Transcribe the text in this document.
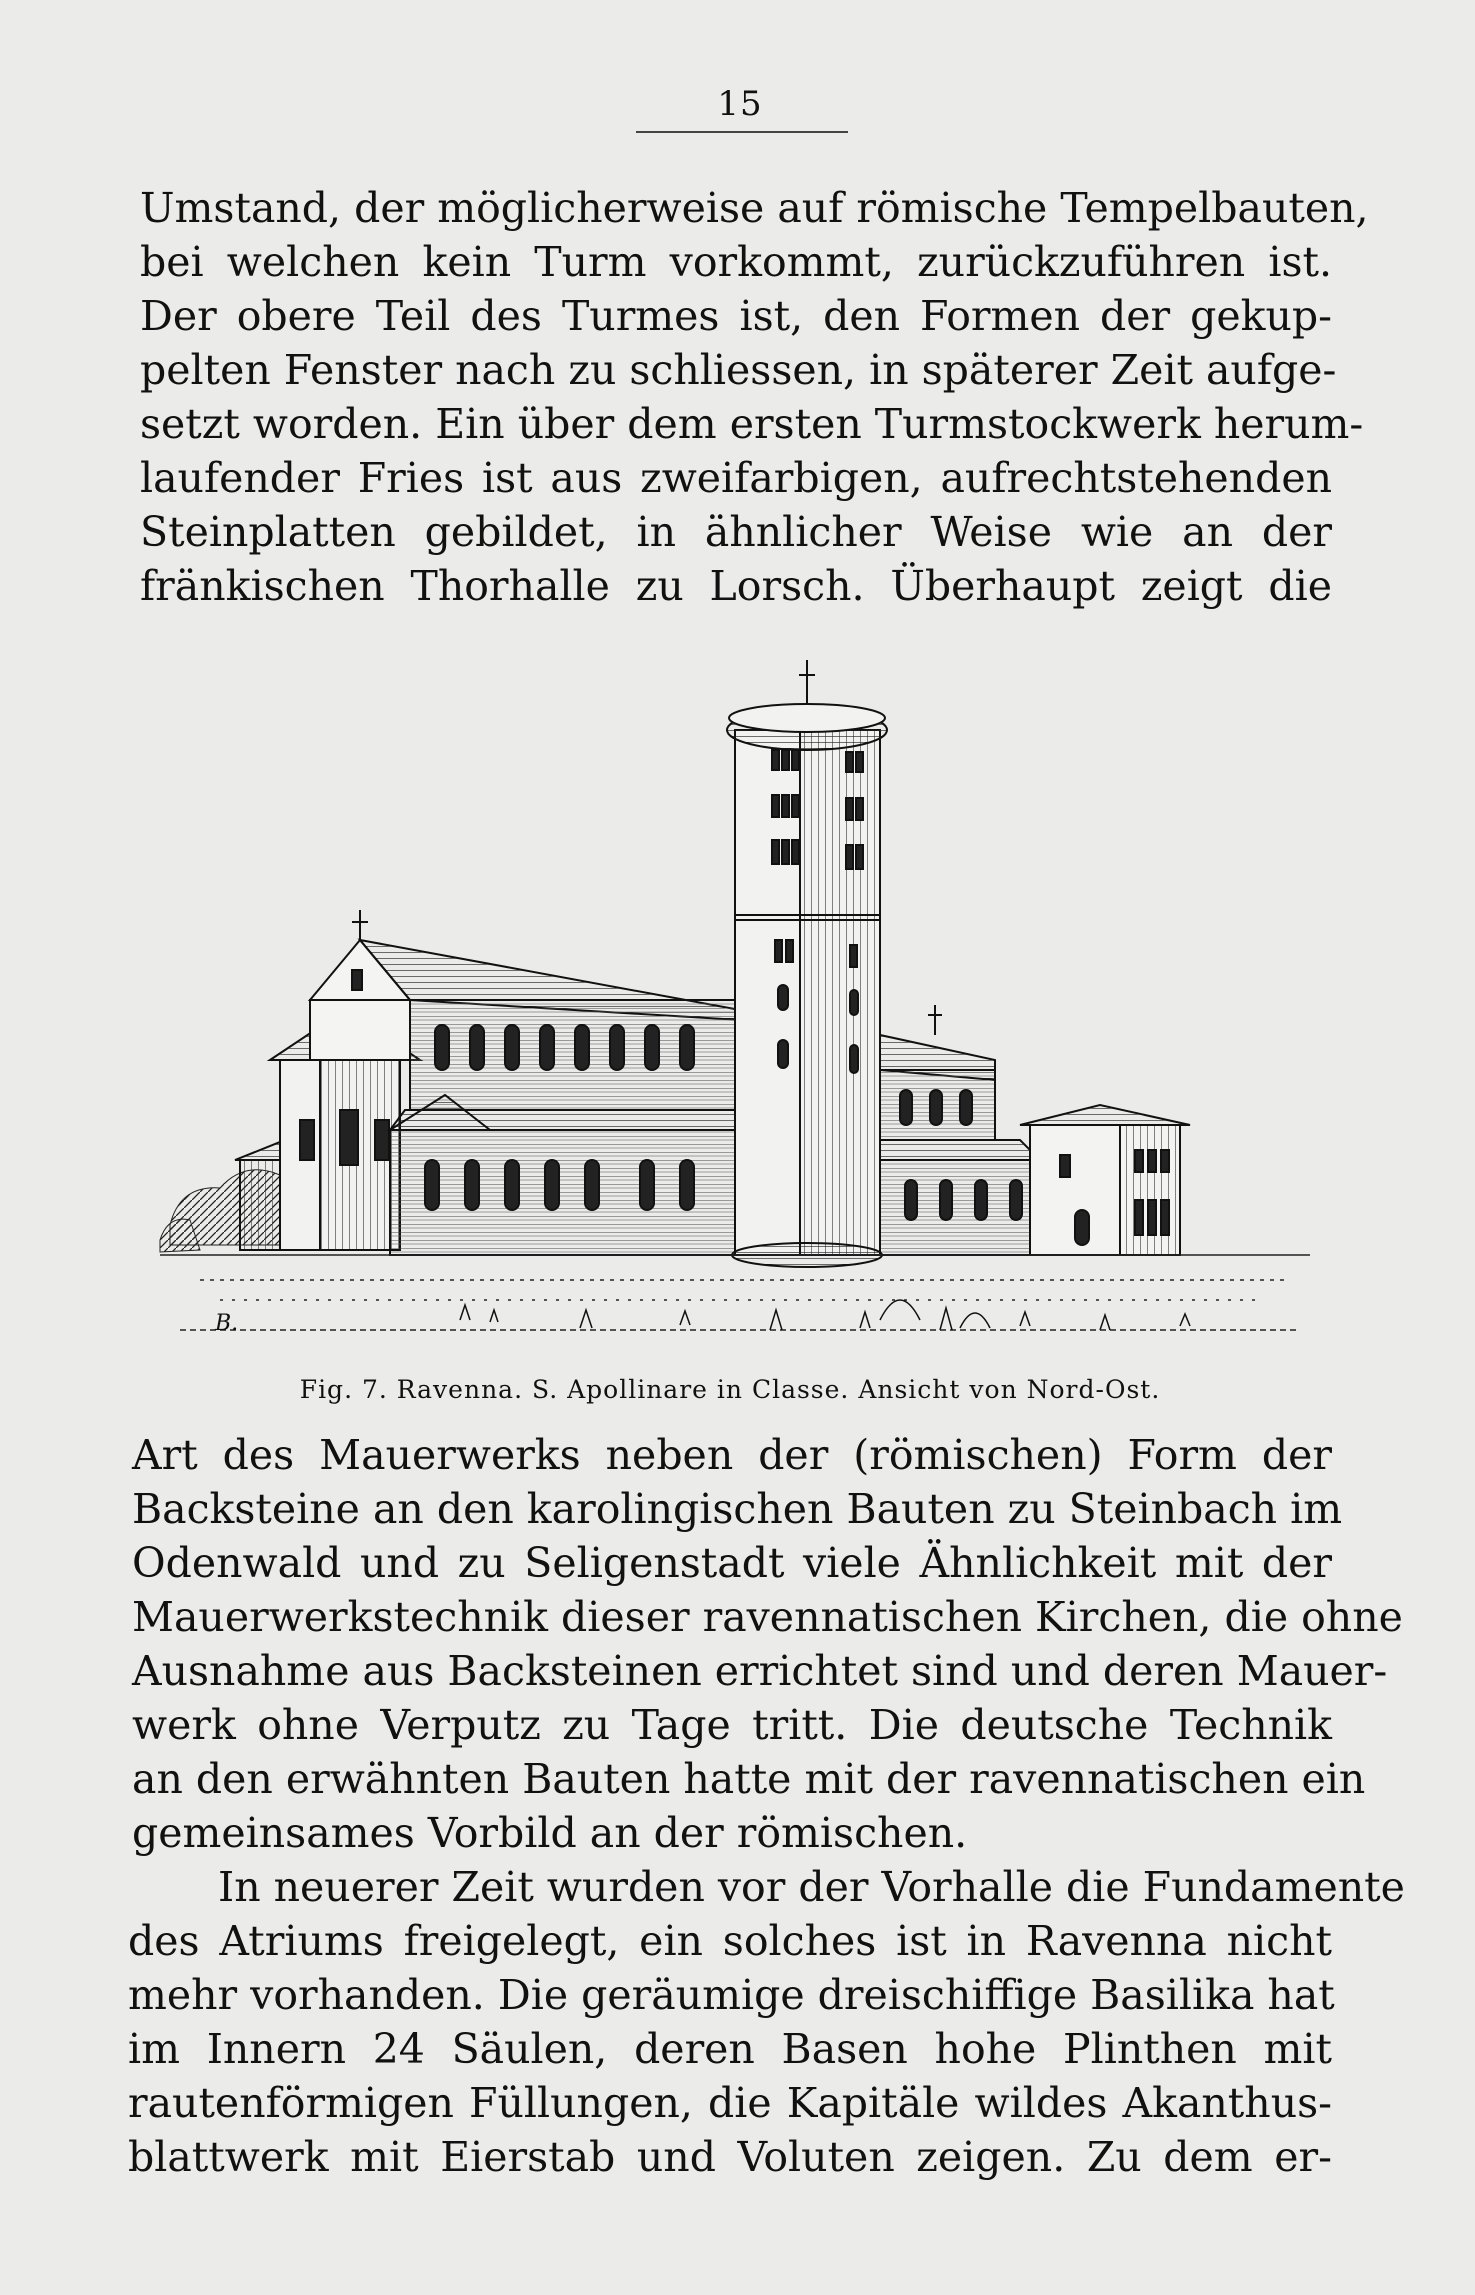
15
Umstand, der möglicherweise auf römische Tempelbauten,
bei welchen kein Turm vorkommt, zurückzuführen ist.
Der obere Teil des Turmes ist, den Formen der gekup-
pelten Fenster nach zu schliessen, in späterer Zeit aufge-
setzt worden. Ein über dem ersten Turmstockwerk herum-
laufender Fries ist aus zweifarbigen, aufrechtstehenden
Steinplatten gebildet, in ähnlicher Weise wie an der
fränkischen Thorhalle zu Lorsch. Überhaupt zeigt die
B.
Fig. 7. Ravenna. S. Apollinare in Classe. Ansicht von Nord-Ost.
Art des Mauerwerks neben der (römischen) Form der
Backsteine an den karolingischen Bauten zu Steinbach im
Odenwald und zu Seligenstadt viele Ähnlichkeit mit der
Mauerwerkstechnik dieser ravennatischen Kirchen, die ohne
Ausnahme aus Backsteinen errichtet sind und deren Mauer-
werk ohne Verputz zu Tage tritt. Die deutsche Technik
an den erwähnten Bauten hatte mit der ravennatischen ein
gemeinsames Vorbild an der römischen.
In neuerer Zeit wurden vor der Vorhalle die Fundamente
des Atriums freigelegt, ein solches ist in Ravenna nicht
mehr vorhanden. Die geräumige dreischiffige Basilika hat
im Innern 24 Säulen, deren Basen hohe Plinthen mit
rautenförmigen Füllungen, die Kapitäle wildes Akanthus-
blattwerk mit Eierstab und Voluten zeigen. Zu dem er-
